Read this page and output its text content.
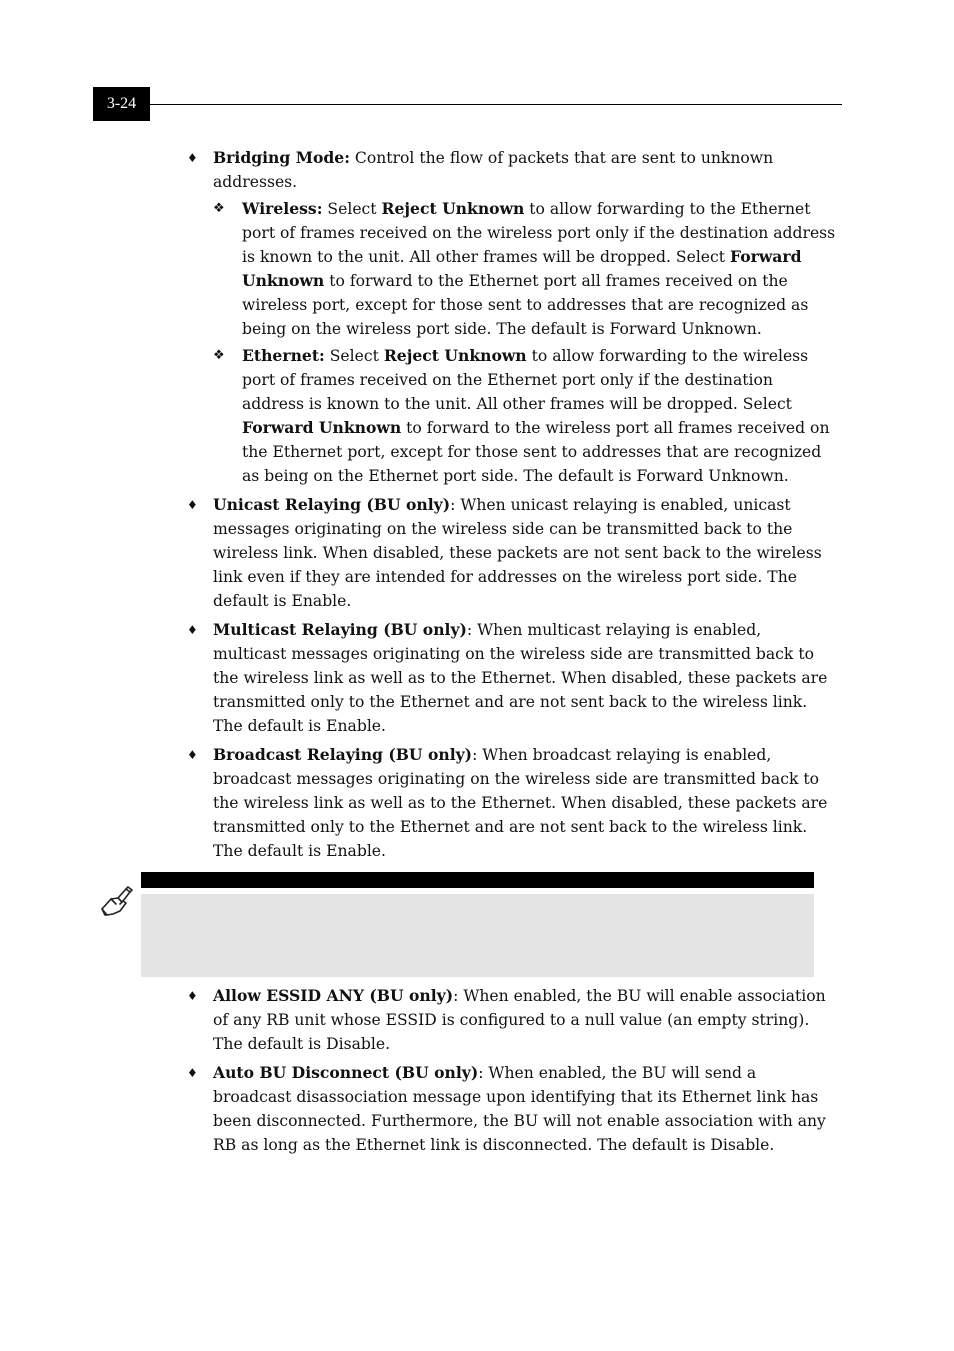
3-24
♦ Bridging Mode: Control the flow of packets that are sent to unknown addresses.
❖ Wireless: Select Reject Unknown to allow forwarding to the Ethernet port of frames received on the wireless port only if the destination address is known to the unit. All other frames will be dropped. Select Forward Unknown to forward to the Ethernet port all frames received on the wireless port, except for those sent to addresses that are recognized as being on the wireless port side. The default is Forward Unknown.
❖ Ethernet: Select Reject Unknown to allow forwarding to the wireless port of frames received on the Ethernet port only if the destination address is known to the unit. All other frames will be dropped. Select Forward Unknown to forward to the wireless port all frames received on the Ethernet port, except for those sent to addresses that are recognized as being on the Ethernet port side. The default is Forward Unknown.
♦ Unicast Relaying (BU only): When unicast relaying is enabled, unicast messages originating on the wireless side can be transmitted back to the wireless link. When disabled, these packets are not sent back to the wireless link even if they are intended for addresses on the wireless port side. The default is Enable.
♦ Multicast Relaying (BU only): When multicast relaying is enabled, multicast messages originating on the wireless side are transmitted back to the wireless link as well as to the Ethernet. When disabled, these packets are transmitted only to the Ethernet and are not sent back to the wireless link. The default is Enable.
♦ Broadcast Relaying (BU only): When broadcast relaying is enabled, broadcast messages originating on the wireless side are transmitted back to the wireless link as well as to the Ethernet. When disabled, these packets are transmitted only to the Ethernet and are not sent back to the wireless link. The default is Enable.
♦ Allow ESSID ANY (BU only): When enabled, the BU will enable association of any RB unit whose ESSID is configured to a null value (an empty string). The default is Disable.
♦ Auto BU Disconnect (BU only): When enabled, the BU will send a broadcast disassociation message upon identifying that its Ethernet link has been disconnected. Furthermore, the BU will not enable association with any RB as long as the Ethernet link is disconnected. The default is Disable.
